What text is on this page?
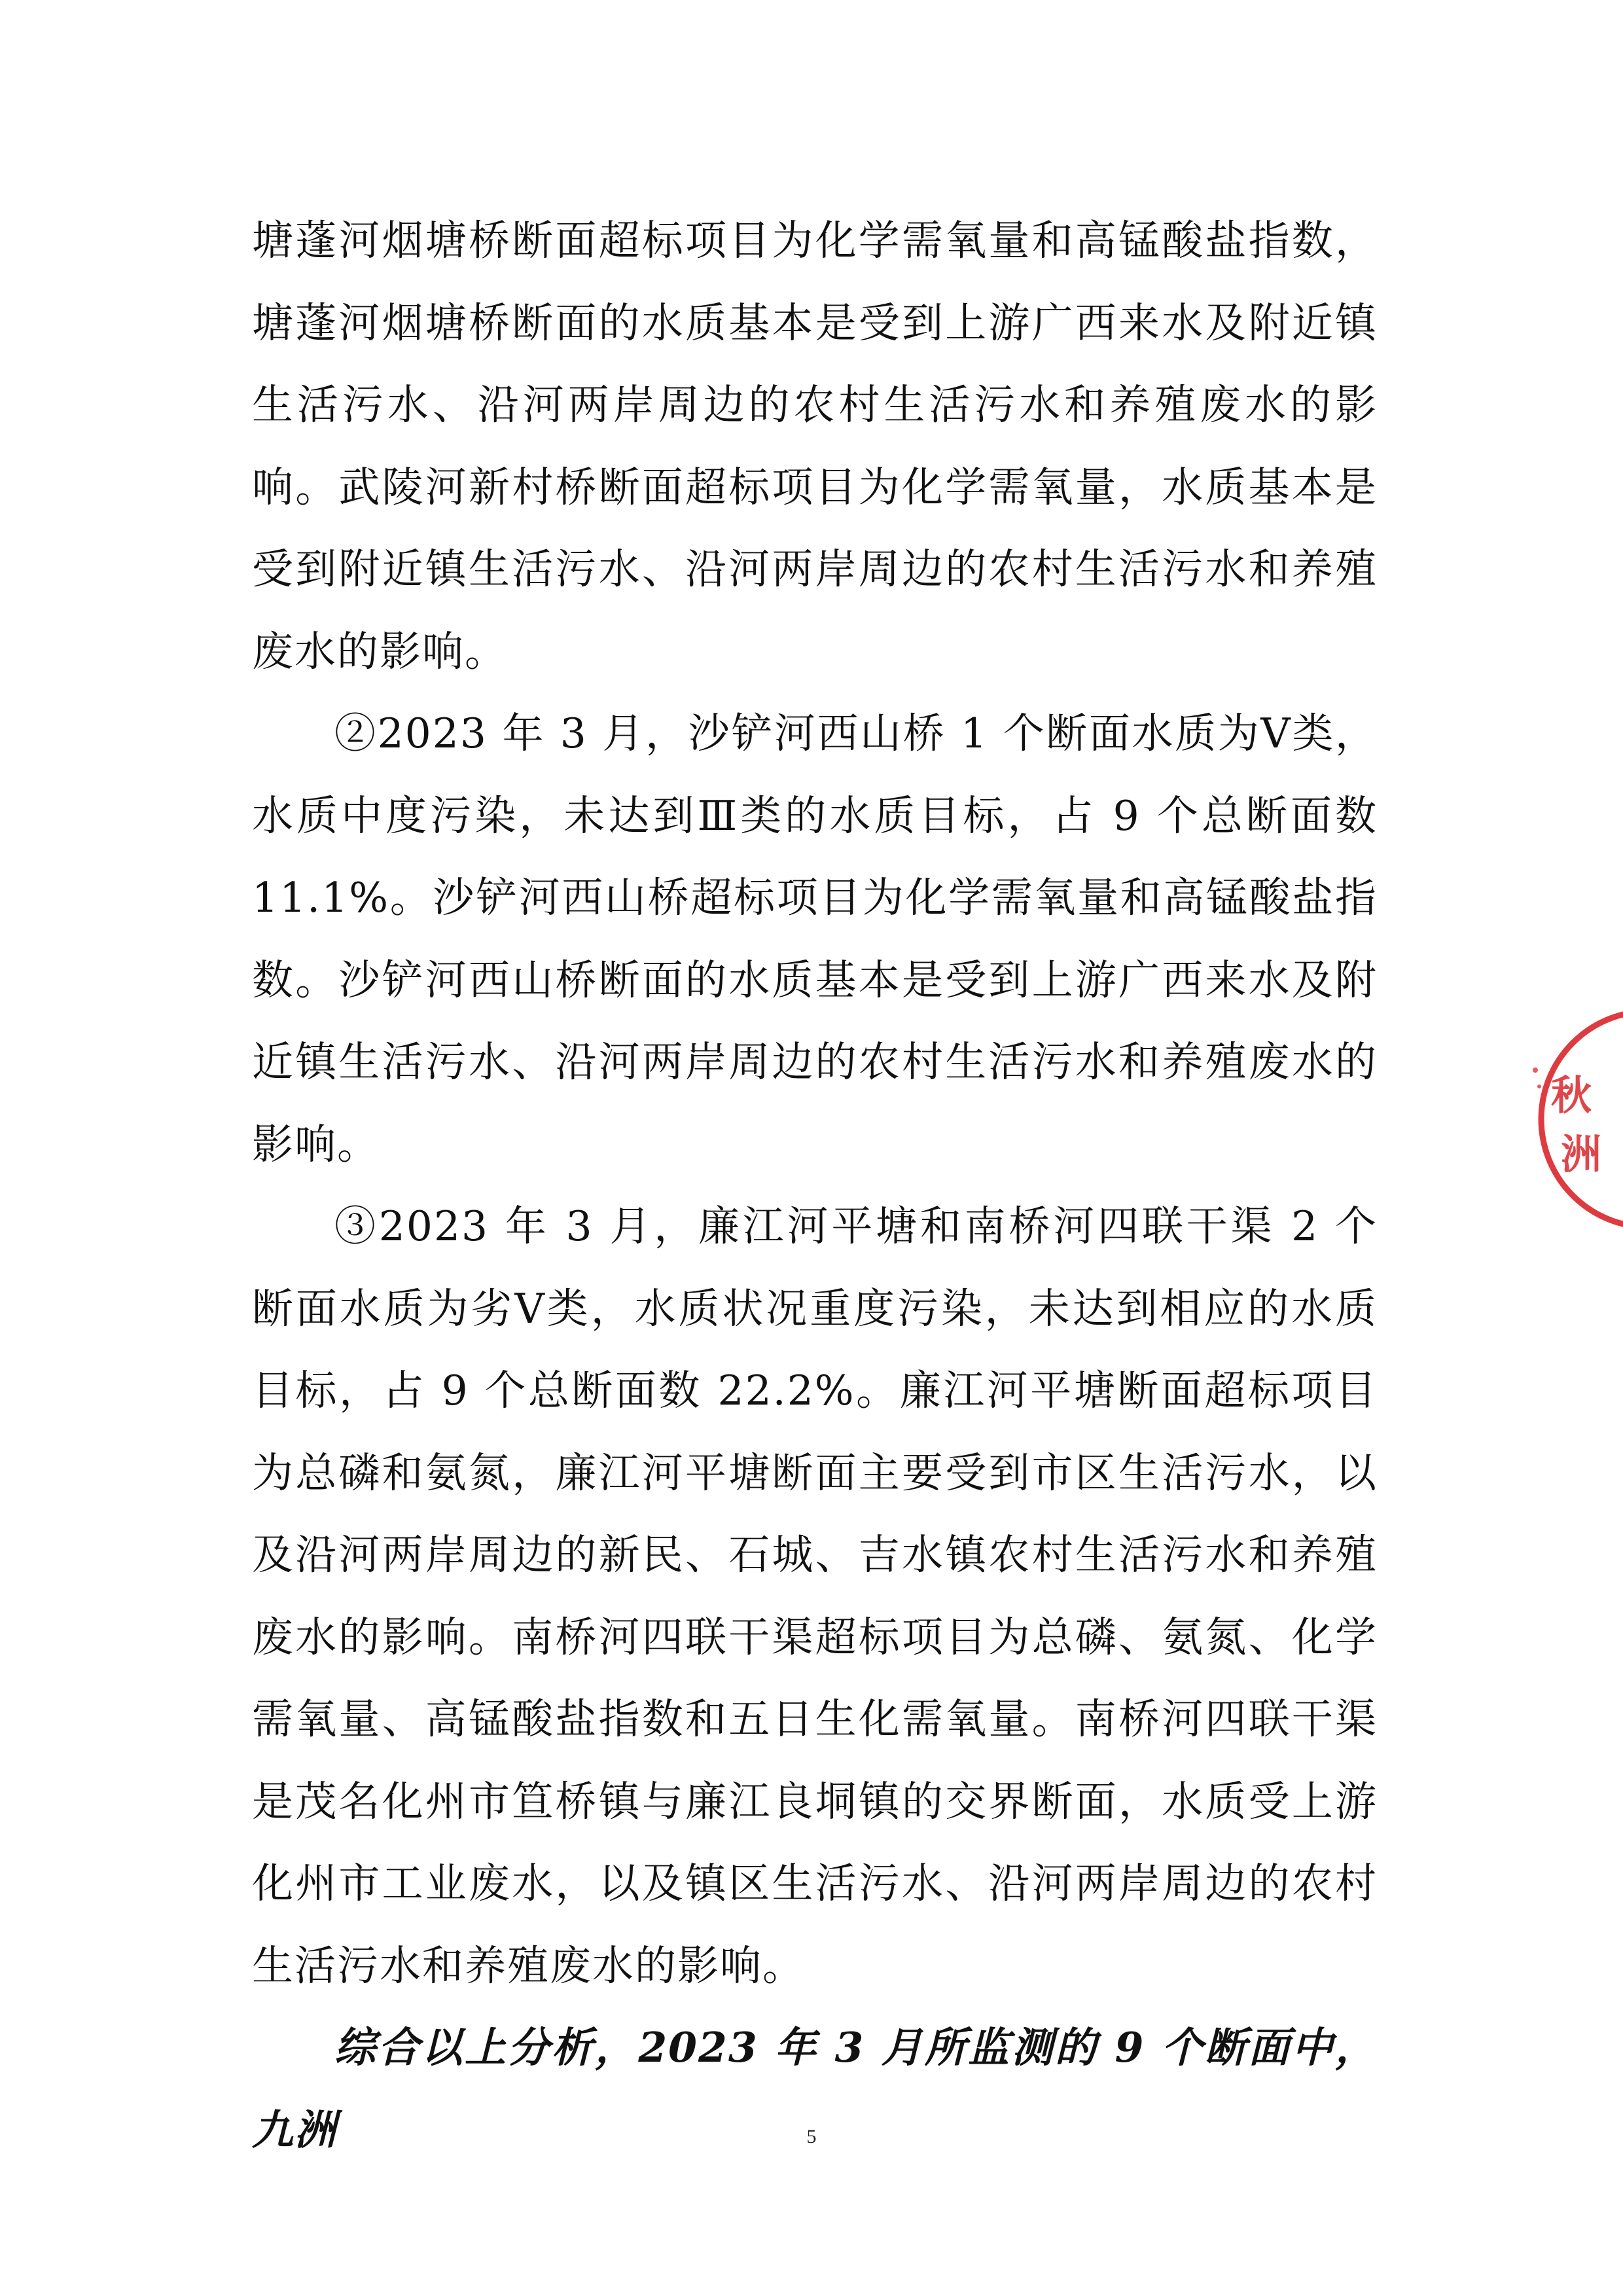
塘蓬河烟塘桥断面超标项目为化学需氧量和高锰酸盐指数，塘蓬河烟塘桥断面的水质基本是受到上游广西来水及附近镇生活污水、沿河两岸周边的农村生活污水和养殖废水的影响。武陵河新村桥断面超标项目为化学需氧量，水质基本是受到附近镇生活污水、沿河两岸周边的农村生活污水和养殖废水的影响。

②2023 年 3 月，沙铲河西山桥 1 个断面水质为Ⅴ类，水质中度污染，未达到Ⅲ类的水质目标，占 9 个总断面数 11.1%。沙铲河西山桥超标项目为化学需氧量和高锰酸盐指数。沙铲河西山桥断面的水质基本是受到上游广西来水及附近镇生活污水、沿河两岸周边的农村生活污水和养殖废水的影响。

③2023 年 3 月，廉江河平塘和南桥河四联干渠 2 个断面水质为劣Ⅴ类，水质状况重度污染，未达到相应的水质目标，占 9 个总断面数 22.2%。廉江河平塘断面超标项目为总磷和氨氮，廉江河平塘断面主要受到市区生活污水，以及沿河两岸周边的新民、石城、吉水镇农村生活污水和养殖废水的影响。南桥河四联干渠超标项目为总磷、氨氮、化学需氧量、高锰酸盐指数和五日生化需氧量。南桥河四联干渠是茂名化州市笪桥镇与廉江良垌镇的交界断面，水质受上游化州市工业废水，以及镇区生活污水、沿河两岸周边的农村生活污水和养殖废水的影响。

综合以上分析，2023 年 3 月所监测的 9 个断面中，九洲

秋
洲
5
